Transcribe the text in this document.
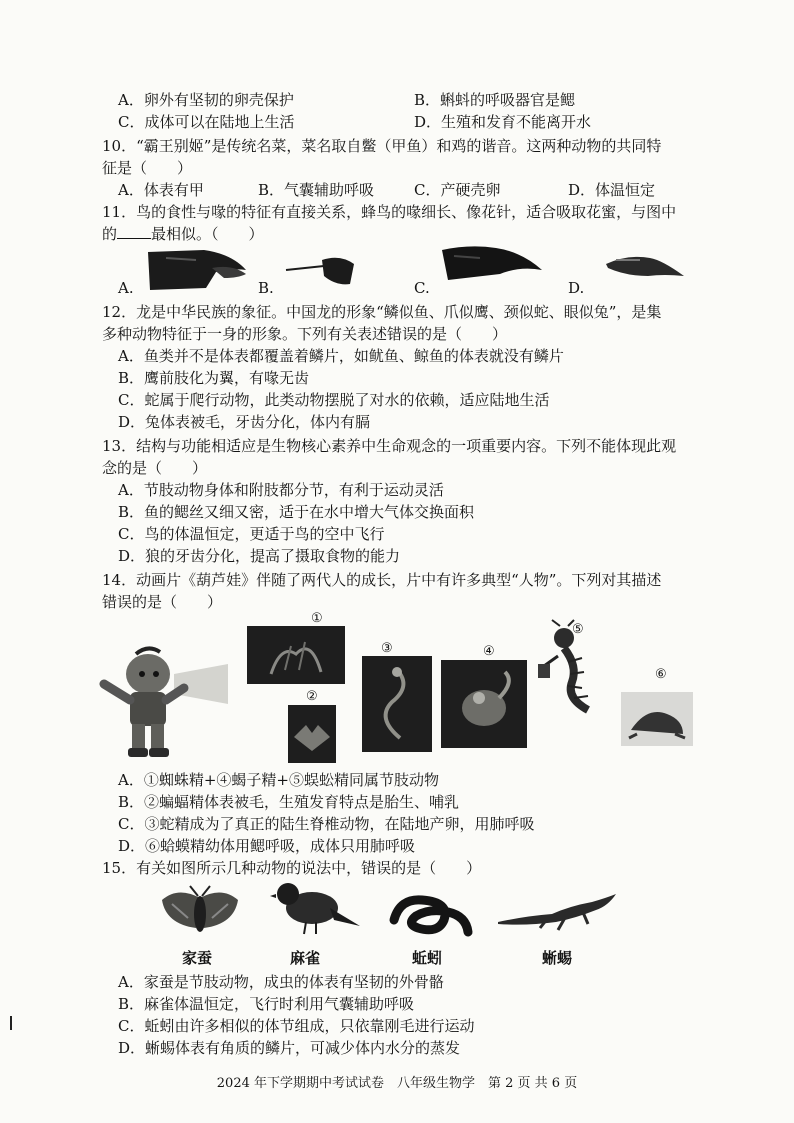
A．卵外有坚韧的卵壳保护	B．蝌蚪的呼吸器官是鳃
C．成体可以在陆地上生活	D．生殖和发育不能离开水
10．“霸王别姬”是传统名菜，菜名取自鳖（甲鱼）和鸡的谐音。这两种动物的共同特
征是（　　）
A．体表有甲	B．气囊辅助呼吸	C．产硬壳卵	D．体温恒定
11．鸟的食性与喙的特征有直接关系，蜂鸟的喙细长、像花针，适合吸取花蜜，与图中
的 最相似。（　　）
A.	B.	C.	D.
12．龙是中华民族的象征。中国龙的形象“鳞似鱼、爪似鹰、颈似蛇、眼似兔”，是集
多种动物特征于一身的形象。下列有关表述错误的是（　　）
A．鱼类并不是体表都覆盖着鳞片，如鱿鱼、鲸鱼的体表就没有鳞片
B．鹰前肢化为翼，有喙无齿
C．蛇属于爬行动物，此类动物摆脱了对水的依赖，适应陆地生活
D．兔体表被毛，牙齿分化，体内有膈
13．结构与功能相适应是生物核心素养中生命观念的一项重要内容。下列不能体现此观
念的是（　　）
A．节肢动物身体和附肢都分节，有利于运动灵活
B．鱼的鳃丝又细又密，适于在水中增大气体交换面积
C．鸟的体温恒定，更适于鸟的空中飞行
D．狼的牙齿分化，提高了摄取食物的能力
14．动画片《葫芦娃》伴随了两代人的成长，片中有许多典型“人物”。下列对其描述
错误的是（　　）
①
②
③	④
⑤
⑥
A．①蜘蛛精+④蝎子精+⑤蜈蚣精同属节肢动物
B．②蝙蝠精体表被毛，生殖发育特点是胎生、哺乳
C．③蛇精成为了真正的陆生脊椎动物，在陆地产卵，用肺呼吸
D．⑥蛤蟆精幼体用鳃呼吸，成体只用肺呼吸
15．有关如图所示几种动物的说法中，错误的是（　　）
家蚕	麻雀	蚯蚓	蜥蜴
A．家蚕是节肢动物，成虫的体表有坚韧的外骨骼
B．麻雀体温恒定，飞行时利用气囊辅助呼吸
C．蚯蚓由许多相似的体节组成，只依靠刚毛进行运动
D．蜥蜴体表有角质的鳞片，可减少体内水分的蒸发
2024 年下学期期中考试试卷　八年级生物学　第 2 页 共 6 页
